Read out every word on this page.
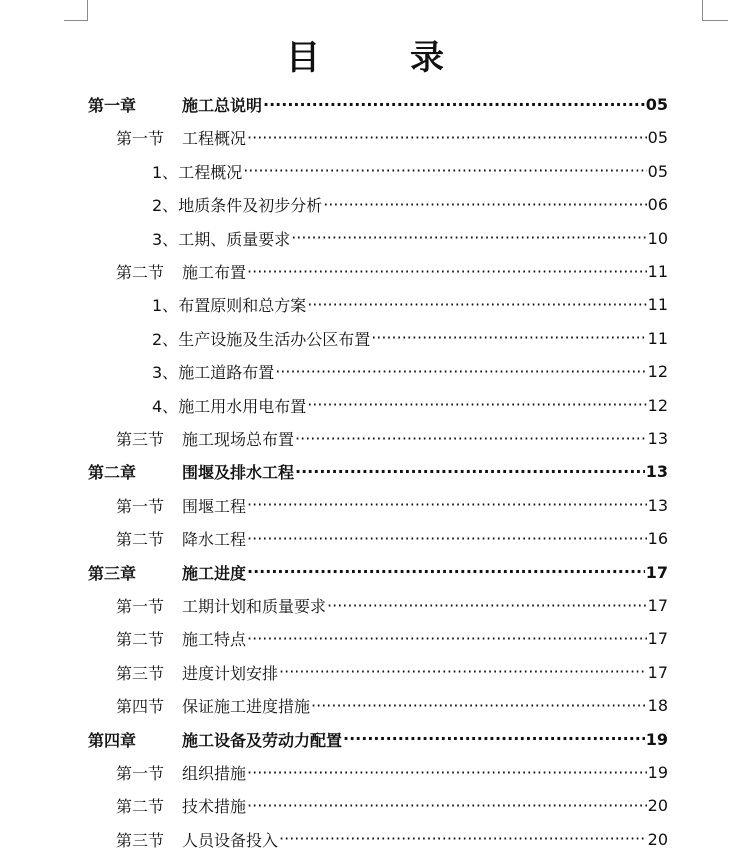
目	录
第一章	施工总说明 ·····	05
第一节	工程概况 ·····	05
1、 工程概况 ·····	05
2、 地质条件及初步分析 ·····	06
3、 工期、质量要求 ·····	10
第二节	施工布置 ·····	11
1、 布置原则和总方案 ·····	11
2、 生产设施及生活办公区布置 ·····	11
3、 施工道路布置 ·····	12
4、 施工用水用电布置 ·····	12
第三节	施工现场总布置 ·····	13
第二章	围堰及排水工程 ·····	13
第一节	围堰工程 ·····	13
第二节	降水工程 ·····	16
第三章	施工进度 ·····	17
第一节	工期计划和质量要求 ·····	17
第二节	施工特点 ·····	17
第三节	进度计划安排 ·····	17
第四节	保证施工进度措施 ·····	18
第四章	施工设备及劳动力配置 ·····	19
第一节	组织措施 ·····	19
第二节	技术措施 ·····	20
第三节	人员设备投入 ·····	20
